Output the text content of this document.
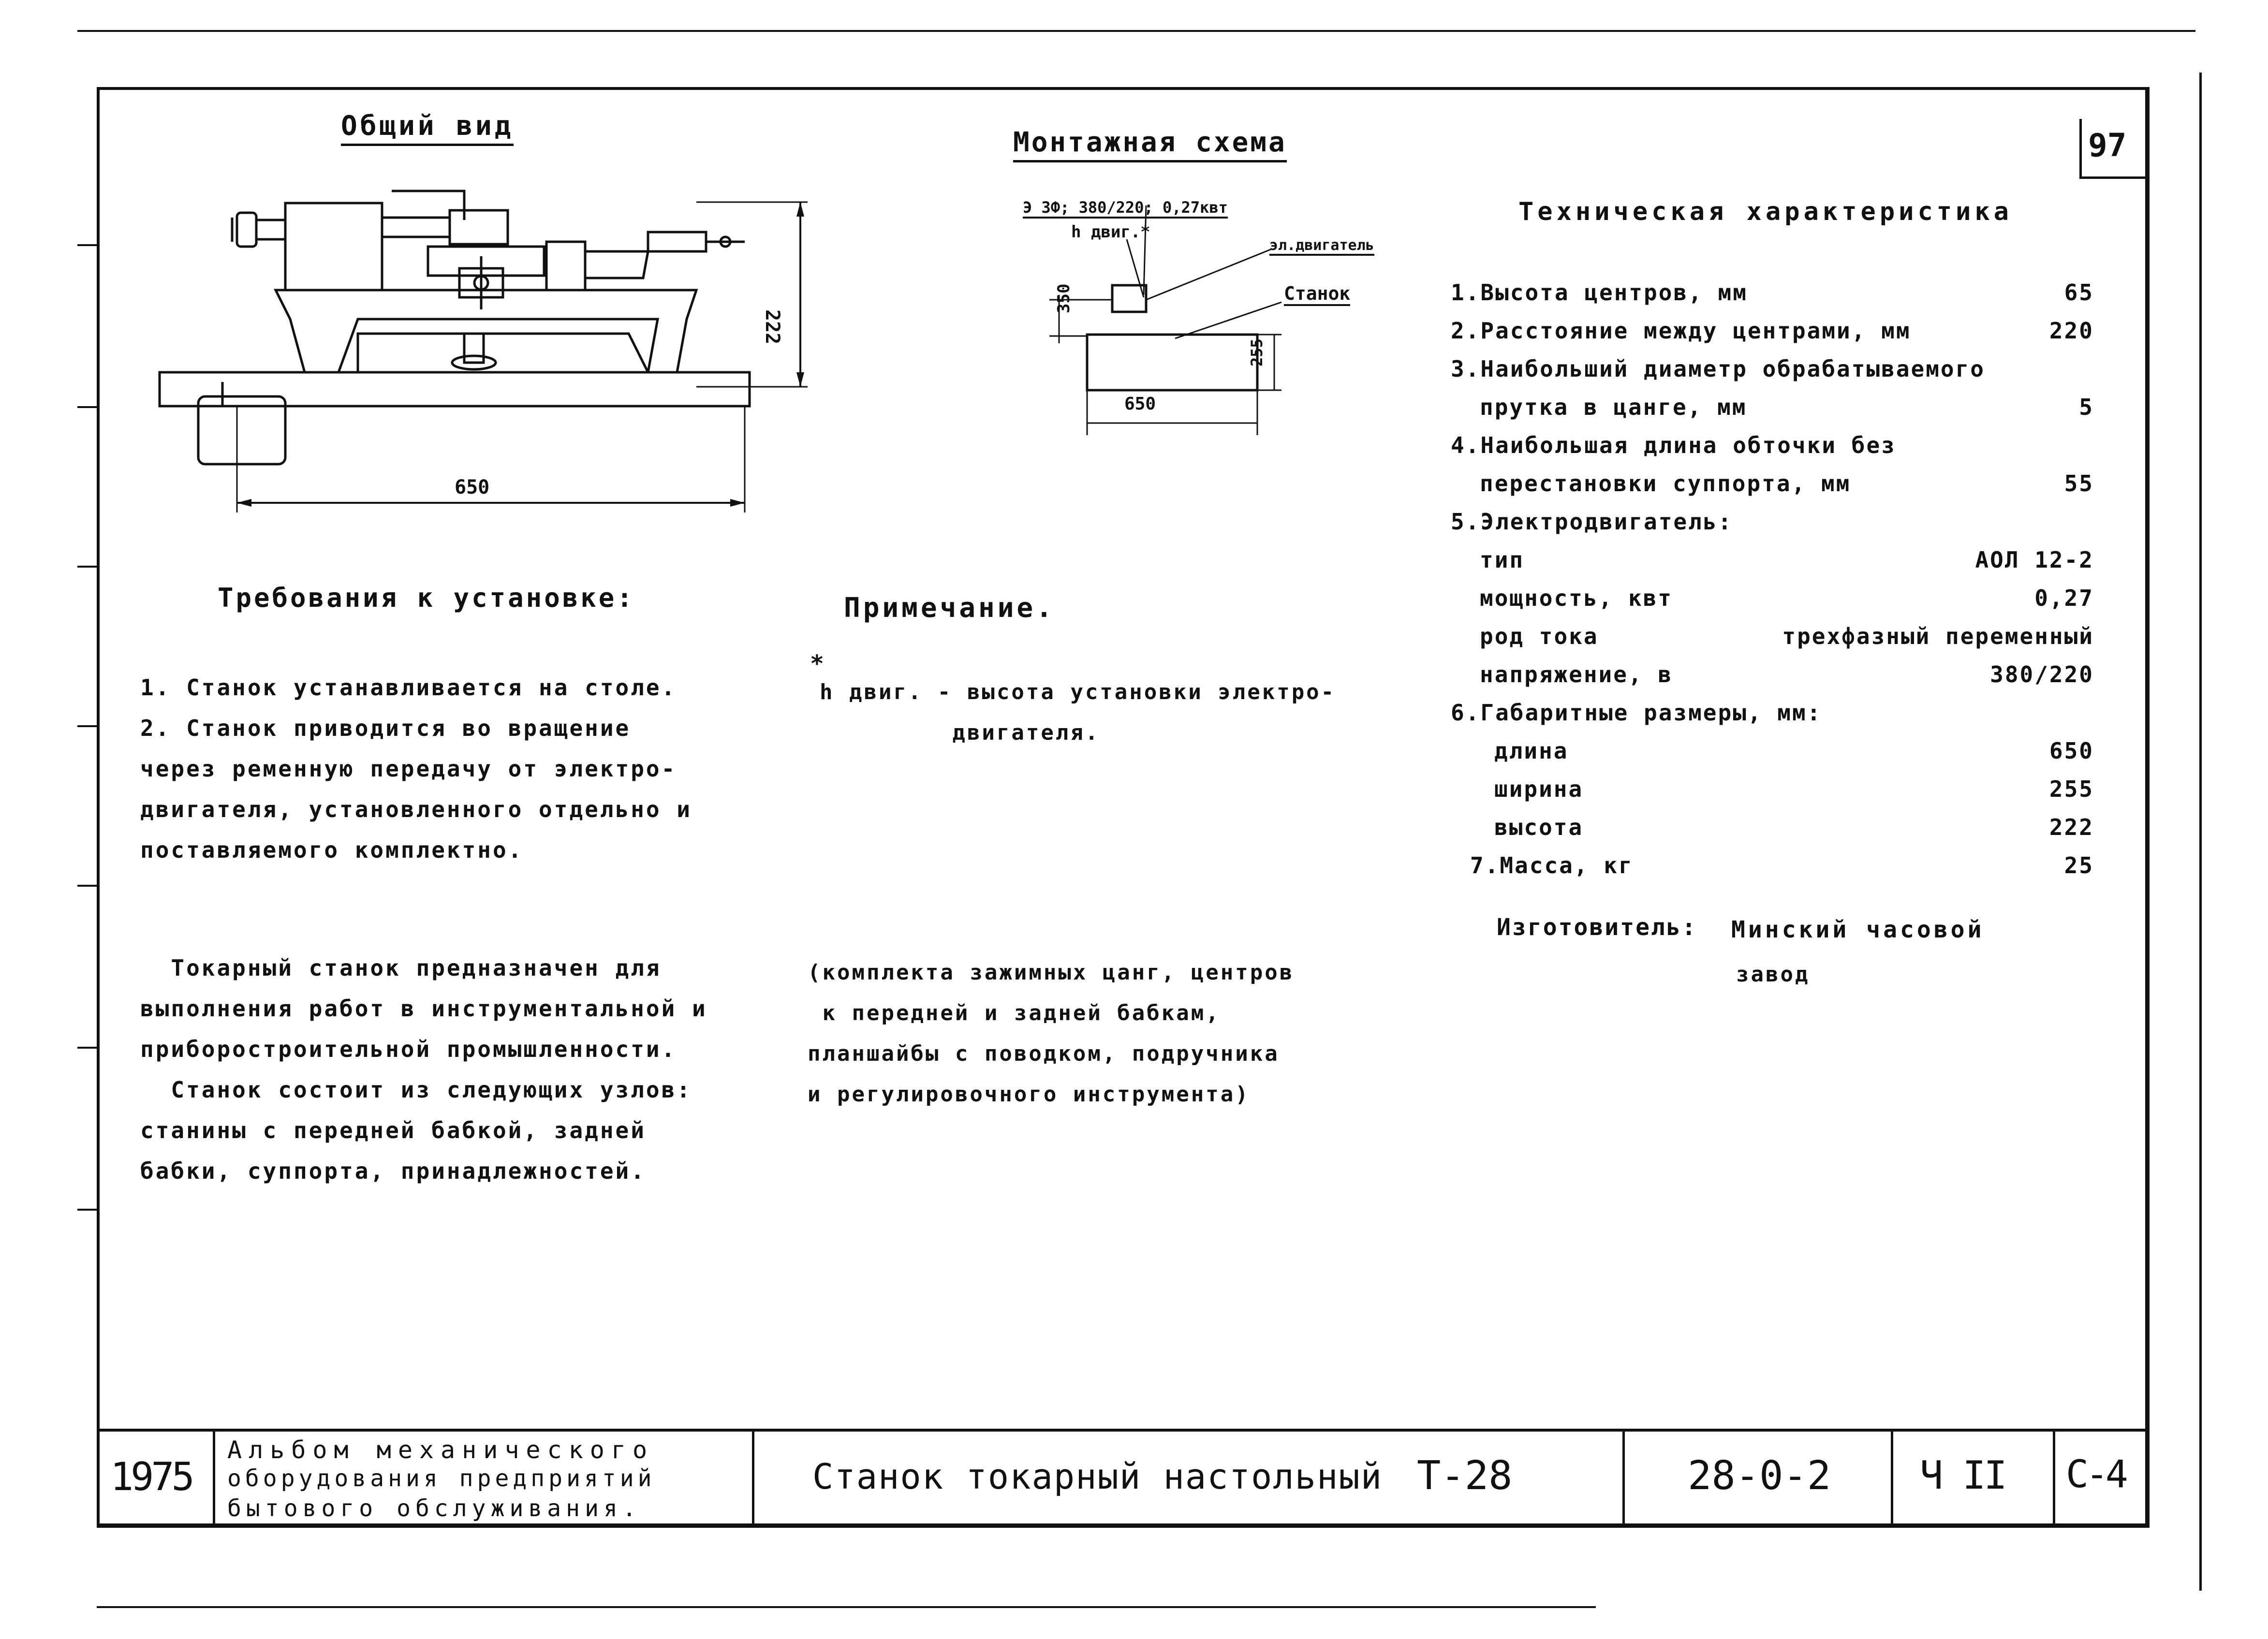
97
Общий вид
650
222
Монтажная схема
Э 3Ф; 380/220; 0,27квт
h двиг.*
эл.двигатель
Станок
350
255
650
Техническая характеристика
1.Высота центров, мм	65
2.Расстояние между центрами, мм	220
3.Наибольший диаметр обрабатываемого
прутка в цанге, мм	5
4.Наибольшая длина обточки без
перестановки суппорта, мм	55
5.Электродвигатель:
тип	АОЛ 12-2
мощность, квт	0,27
род тока	трехфазный переменный
напряжение, в	380/220
6.Габаритные размеры, мм:
длина	650
ширина	255
высота	222
7.Масса, кг	25
Изготовитель: Минский часовой
завод
Требования к установке:
1. Станок устанавливается на столе.
2. Станок приводится во вращение
через ременную передачу от электро-
двигателя, установленного отдельно и
поставляемого комплектно.
Примечание.
*
h двиг. - высота установки электро-
двигателя.
Токарный станок предназначен для
выполнения работ в инструментальной и
приборостроительной промышленности.
Станок состоит из следующих узлов:
станины с передней бабкой, задней
бабки, суппорта, принадлежностей.
(комплекта зажимных цанг, центров
к передней и задней бабкам,
планшайбы с поводком, подручника
и регулировочного инструмента)
1975
Альбом механического
оборудования предприятий
бытового обслуживания.
Станок токарный настольный Т-28	28-0-2 Ч II С-4
